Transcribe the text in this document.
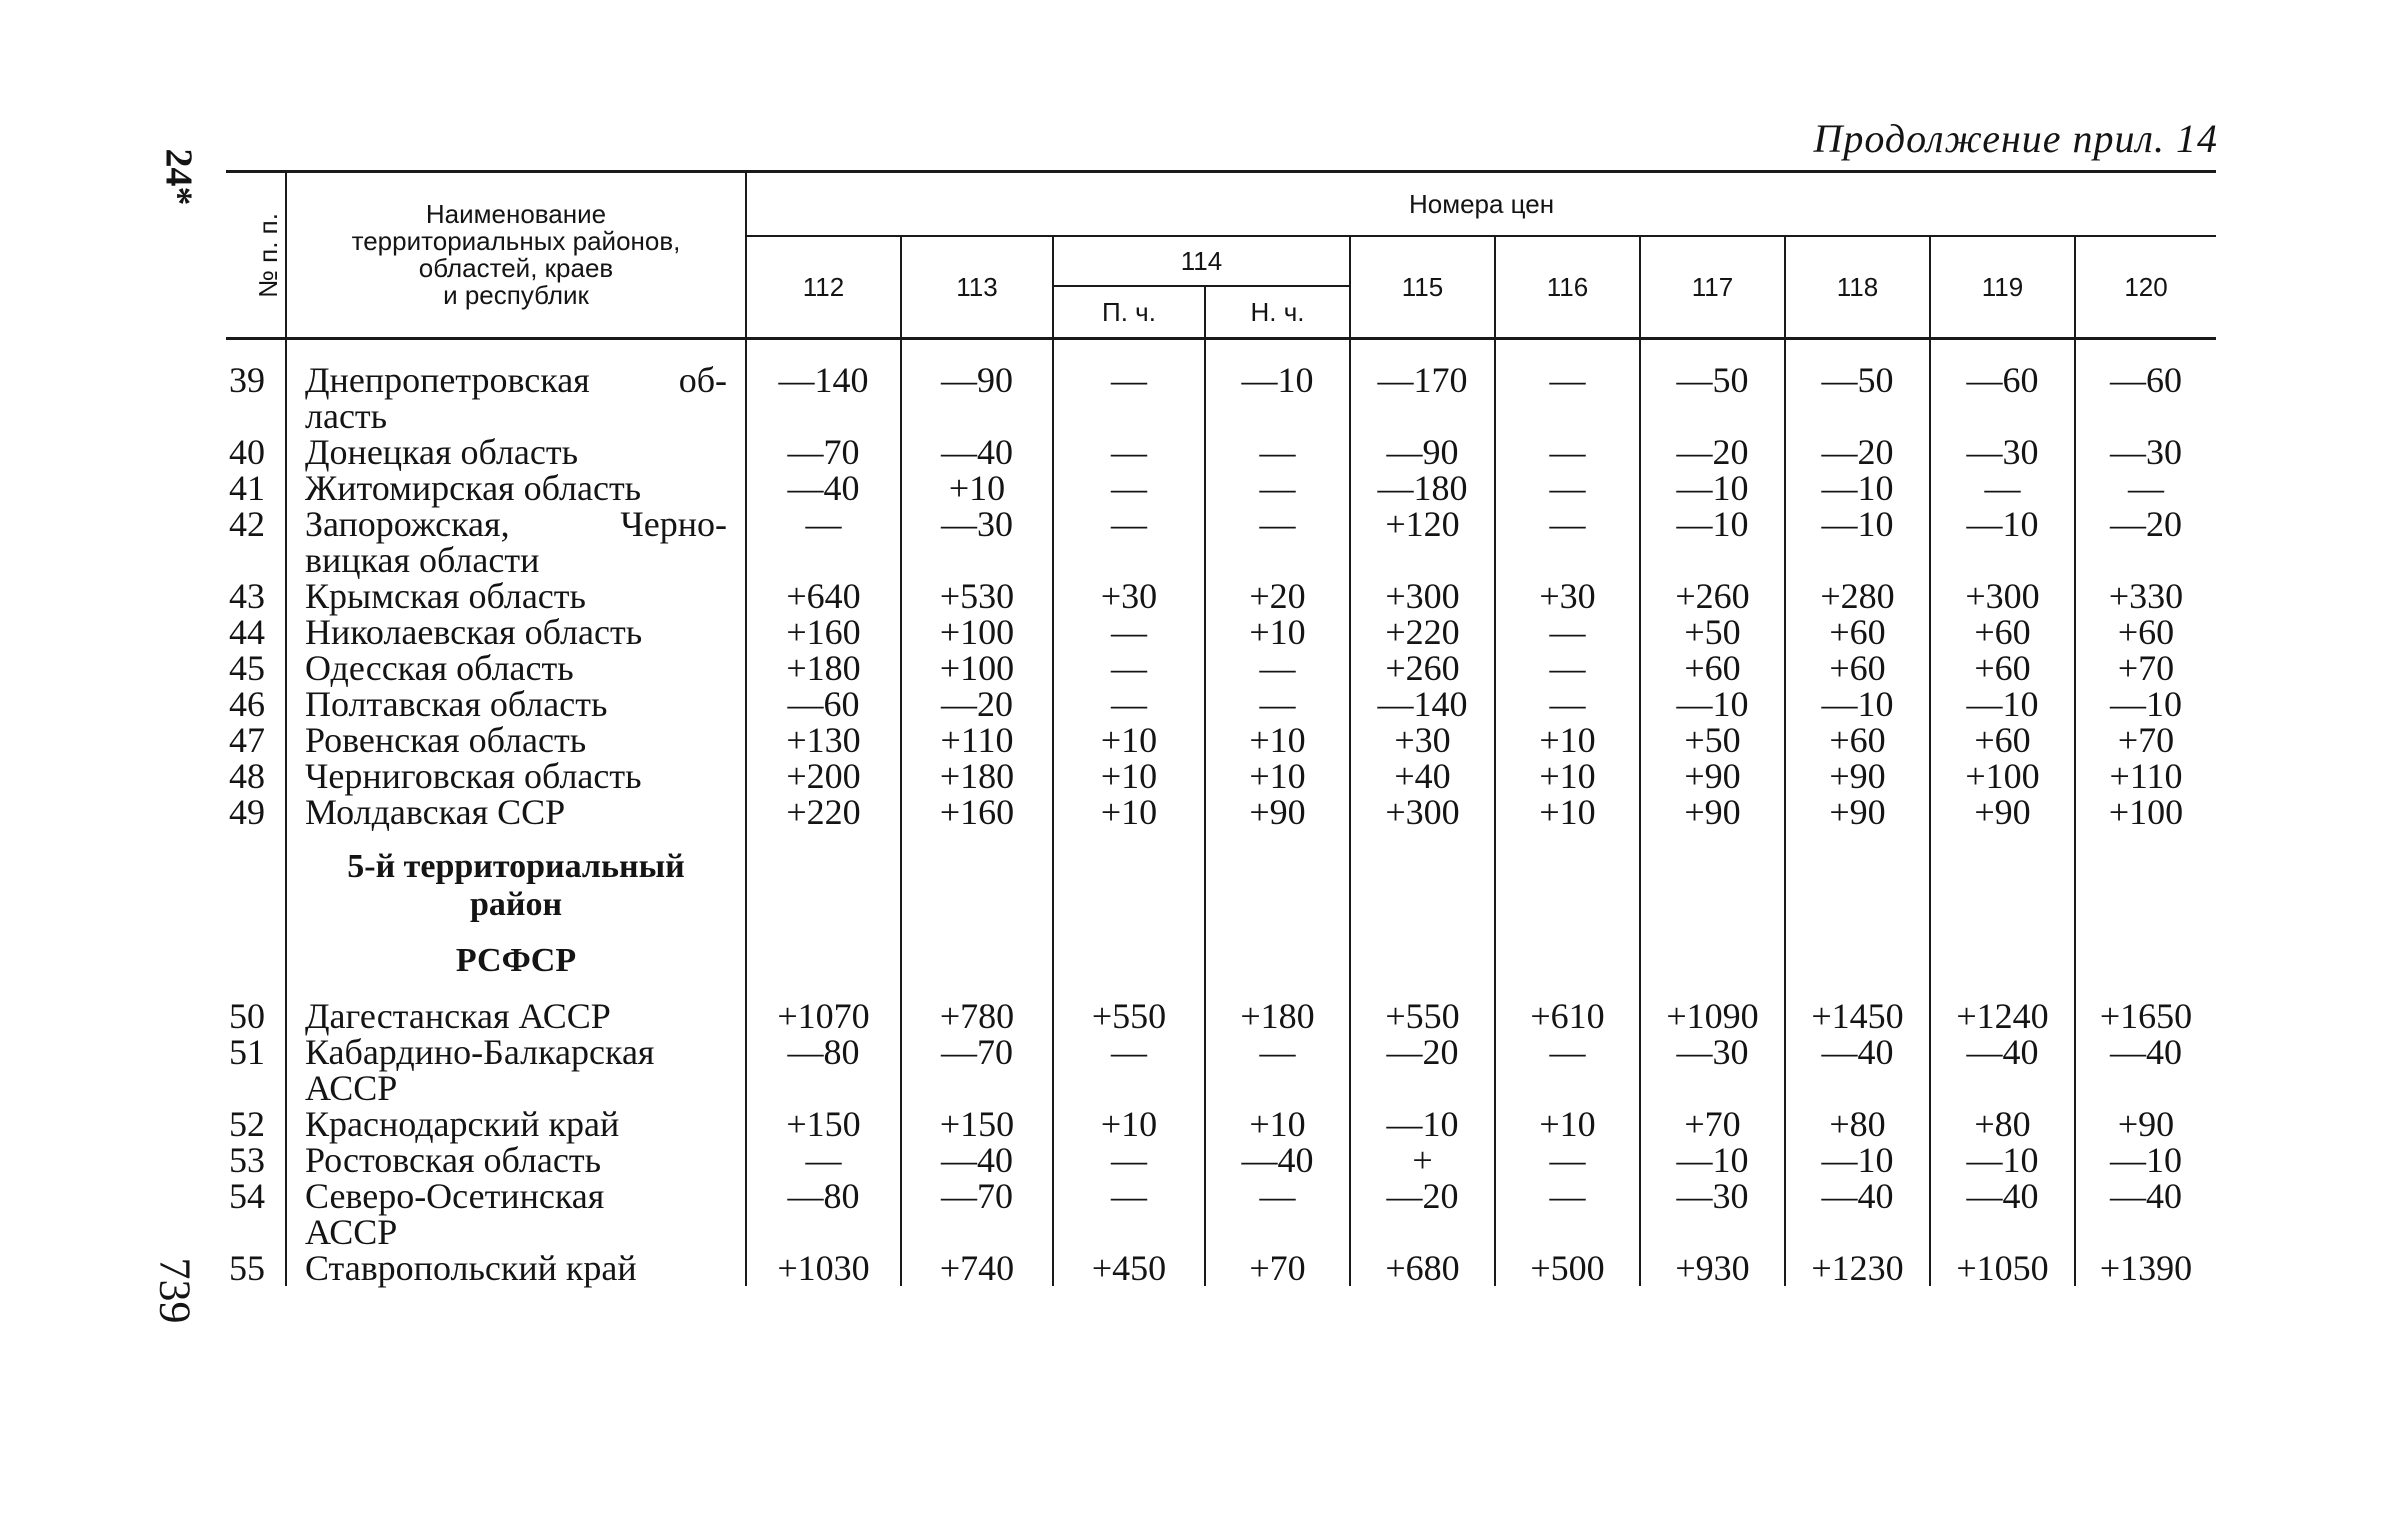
Продолжение прил. 14
24*
739
№ п. п.	Наименование
территориальных районов,
областей, краев
и республик	Номера цен									
		112	113	114		115	116	117	118	119	120
				П. ч.	Н. ч.						
39	Днепропетровская об-
ласть	—140	—90	—	—10	—170	—	—50	—50	—60	—60
40	Донецкая область	—70	—40	—	—	—90	—	—20	—20	—30	—30
41	Житомирская область	—40	+10	—	—	—180	—	—10	—10	—	—
42	Запорожская, Черно-
вицкая области	—	—30	—	—	+120	—	—10	—10	—10	—20
43	Крымская область	+640	+530	+30	+20	+300	+30	+260	+280	+300	+330
44	Николаевская область	+160	+100	—	+10	+220	—	+50	+60	+60	+60
45	Одесская область	+180	+100	—	—	+260	—	+60	+60	+60	+70
46	Полтавская область	—60	—20	—	—	—140	—	—10	—10	—10	—10
47	Ровенская область	+130	+110	+10	+10	+30	+10	+50	+60	+60	+70
48	Черниговская область	+200	+180	+10	+10	+40	+10	+90	+90	+100	+110
49	Молдавская ССР	+220	+160	+10	+90	+300	+10	+90	+90	+90	+100

	5-й территориальный
район										

	РСФСР										

50	Дагестанская АССР	+1070	+780	+550	+180	+550	+610	+1090	+1450	+1240	+1650
51	Кабардино-Балкарская
АССР	—80	—70	—	—	—20	—	—30	—40	—40	—40
52	Краснодарский край	+150	+150	+10	+10	—10	+10	+70	+80	+80	+90
53	Ростовская область	—	—40	—	—40	+	—	—10	—10	—10	—10
54	Северо-Осетинская
АССР	—80	—70	—	—	—20	—	—30	—40	—40	—40
55	Ставропольский край	+1030	+740	+450	+70	+680	+500	+930	+1230	+1050	+1390
